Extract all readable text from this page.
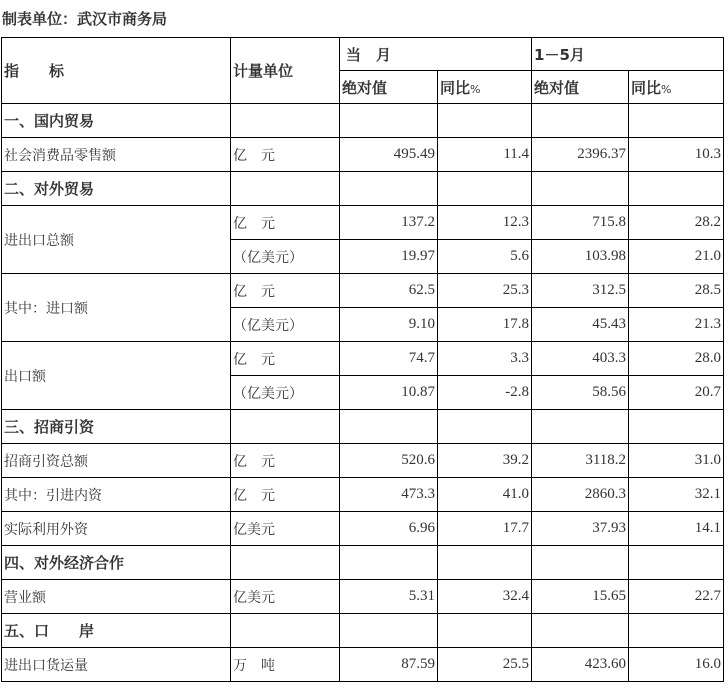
制表单位：武汉市商务局
指　　标	计量单位	当　月		1－5月	
		绝对值	同比%	绝对值	同比%
一、国内贸易					
社会消费品零售额	亿　元	495.49	11.4	2396.37	10.3
二、对外贸易					
进出口总额	亿　元	137.2	12.3	715.8	28.2
	（亿美元）	19.97	5.6	103.98	21.0
其中：进口额	亿　元	62.5	25.3	312.5	28.5
	（亿美元）	9.10	17.8	45.43	21.3
出口额	亿　元	74.7	3.3	403.3	28.0
	（亿美元）	10.87	-2.8	58.56	20.7
三、招商引资					
招商引资总额	亿　元	520.6	39.2	3118.2	31.0
其中：引进内资	亿　元	473.3	41.0	2860.3	32.1
实际利用外资	亿美元	6.96	17.7	37.93	14.1
四、对外经济合作					
营业额	亿美元	5.31	32.4	15.65	22.7
五、口　　岸					
进出口货运量	万　吨	87.59	25.5	423.60	16.0
